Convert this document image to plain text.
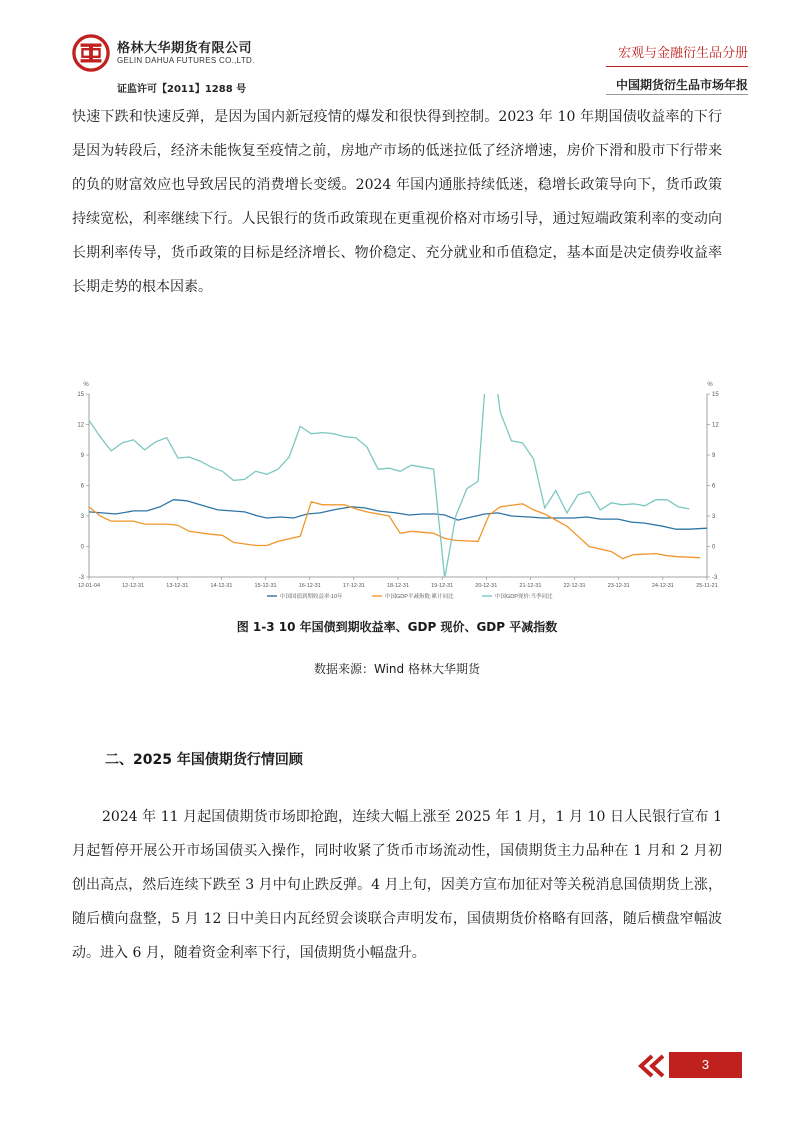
格林大华期货有限公司
GELIN DAHUA FUTURES CO.,LTD.
证监许可【2011】1288 号
宏观与金融衍生品分册
中国期货衍生品市场年报
快速下跌和快速反弹，是因为国内新冠疫情的爆发和很快得到控制。2023 年 10 年期国债收益率的下行是因为转段后，经济未能恢复至疫情之前，房地产市场的低迷拉低了经济增速，房价下滑和股市下行带来的负的财富效应也导致居民的消费增长变缓。2024 年国内通胀持续低迷，稳增长政策导向下，货币政策持续宽松，利率继续下行。人民银行的货币政策现在更重视价格对市场引导，通过短端政策利率的变动向长期利率传导，货币政策的目标是经济增长、物价稳定、充分就业和币值稳定，基本面是决定债券收益率长期走势的根本因素。
%	%
-3	-3
0	0
3	3
6	6
9	9
12	12
15	15
12-01-04	12-12-31	13-12-31	14-12-31	15-12-31	16-12-31	17-12-31	18-12-31	19-12-31	20-12-31	21-12-31	22-12-31	23-12-31	24-12-31	25-11-21
中国国债到期收益率:10年	中国GDP平减指数:累计同比	中国GDP现价:当季同比
图 1-3 10 年国债到期收益率、GDP 现价、GDP 平减指数
数据来源：Wind 格林大华期货
二、2025 年国债期货行情回顾
2024 年 11 月起国债期货市场即抢跑，连续大幅上涨至 2025 年 1 月，1 月 10 日人民银行宣布 1 月起暂停开展公开市场国债买入操作，同时收紧了货币市场流动性，国债期货主力品种在 1 月和 2 月初创出高点，然后连续下跌至 3 月中旬止跌反弹。4 月上旬，因美方宣布加征对等关税消息国债期货上涨，随后横向盘整，5 月 12 日中美日内瓦经贸会谈联合声明发布，国债期货价格略有回落，随后横盘窄幅波动。进入 6 月，随着资金利率下行，国债期货小幅盘升。
3
